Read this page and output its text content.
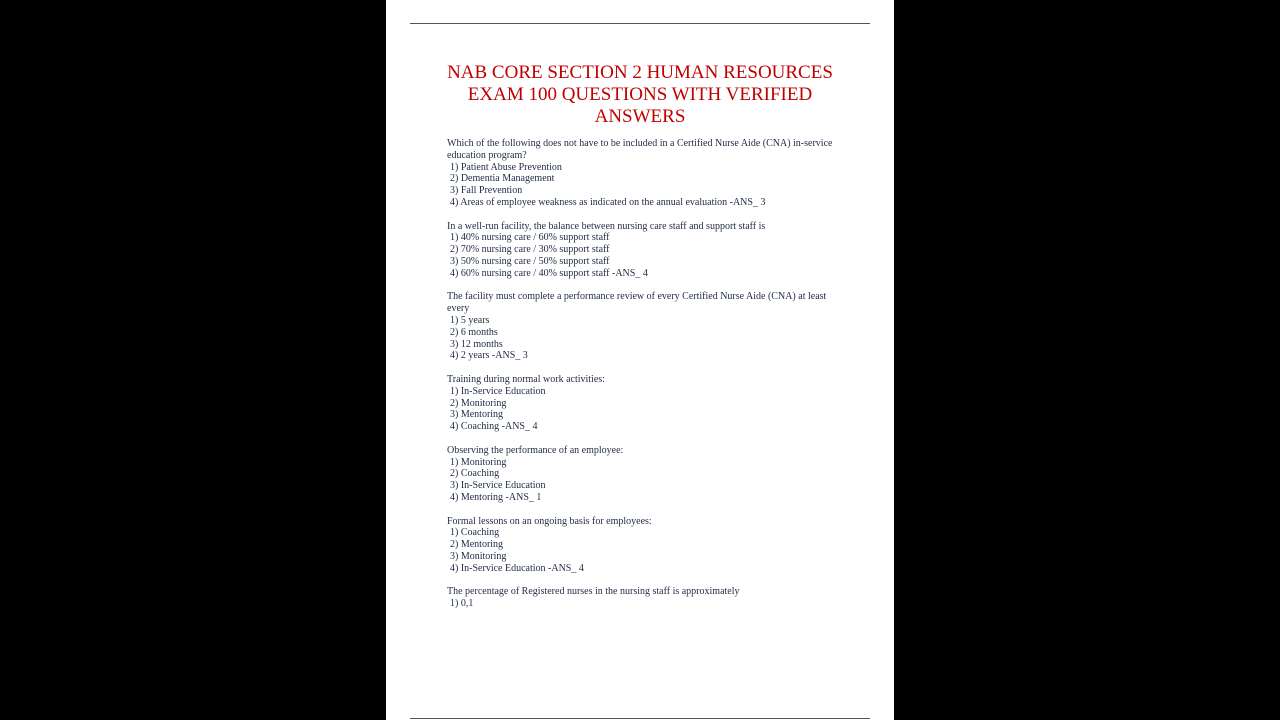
NAB CORE SECTION 2 HUMAN RESOURCES EXAM 100 QUESTIONS WITH VERIFIED ANSWERS
Which of the following does not have to be included in a Certified Nurse Aide (CNA) in-service education program?
1) Patient Abuse Prevention
2) Dementia Management
3) Fall Prevention
4) Areas of employee weakness as indicated on the annual evaluation -ANS_ 3
In a well-run facility, the balance between nursing care staff and support staff is
1) 40% nursing care / 60% support staff
2) 70% nursing care / 30% support staff
3) 50% nursing care / 50% support staff
4) 60% nursing care / 40% support staff -ANS_ 4
The facility must complete a performance review of every Certified Nurse Aide (CNA) at least every
1) 5 years
2) 6 months
3) 12 months
4) 2 years -ANS_ 3
Training during normal work activities:
1) In-Service Education
2) Monitoring
3) Mentoring
4) Coaching -ANS_ 4
Observing the performance of an employee:
1) Monitoring
2) Coaching
3) In-Service Education
4) Mentoring -ANS_ 1
Formal lessons on an ongoing basis for employees:
1) Coaching
2) Mentoring
3) Monitoring
4) In-Service Education -ANS_ 4
The percentage of Registered nurses in the nursing staff is approximately
1) 0,1
